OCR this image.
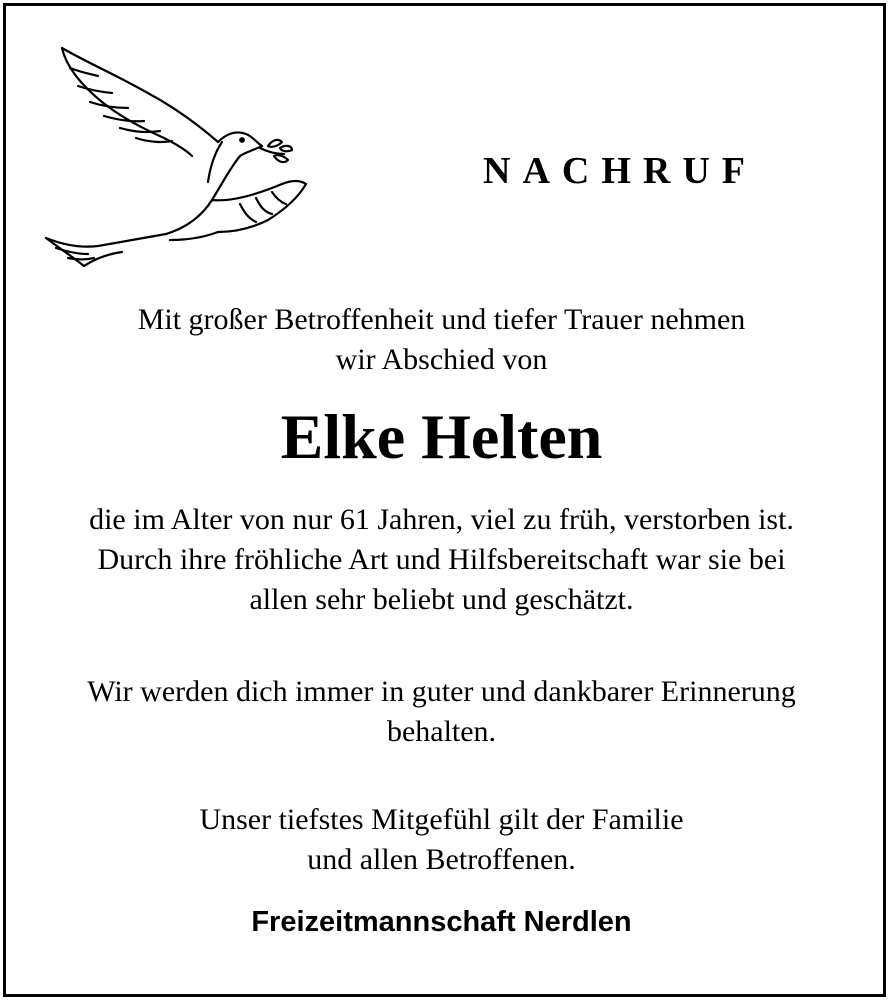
NACHRUF
Mit großer Betroffenheit und tiefer Trauer nehmen
wir Abschied von
Elke Helten
die im Alter von nur 61 Jahren, viel zu früh, verstorben ist.
Durch ihre fröhliche Art und Hilfsbereitschaft war sie bei
allen sehr beliebt und geschätzt.
Wir werden dich immer in guter und dankbarer Erinnerung
behalten.
Unser tiefstes Mitgefühl gilt der Familie
und allen Betroffenen.
Freizeitmannschaft Nerdlen
